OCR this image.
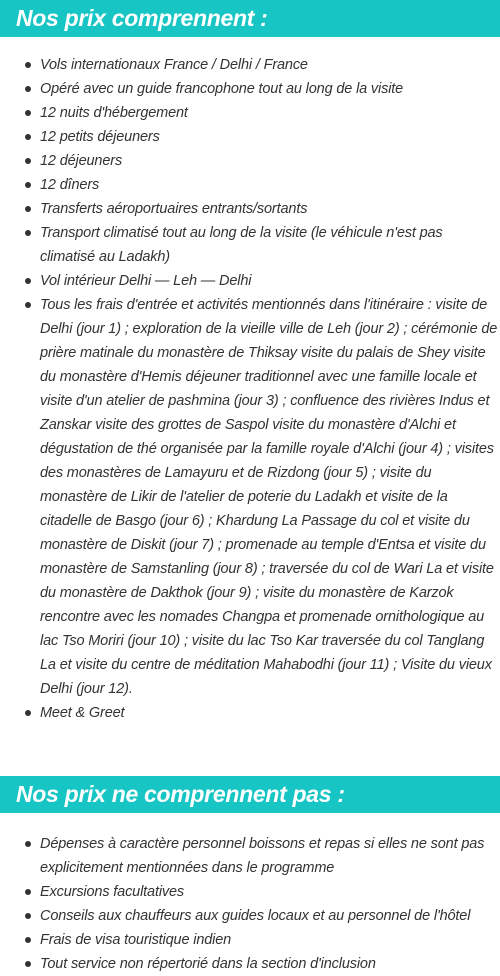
Nos prix comprennent :
Vols internationaux France / Delhi / France
Opéré avec un guide francophone tout au long de la visite
12 nuits d'hébergement
12 petits déjeuners
12 déjeuners
12 dîners
Transferts aéroportuaires entrants/sortants
Transport climatisé tout au long de la visite (le véhicule n'est pas climatisé au Ladakh)
Vol intérieur Delhi — Leh — Delhi
Tous les frais d'entrée et activités mentionnés dans l'itinéraire : visite de Delhi (jour 1) ; exploration de la vieille ville de Leh (jour 2) ; cérémonie de prière matinale du monastère de Thiksay visite du palais de Shey visite du monastère d'Hemis déjeuner traditionnel avec une famille locale et visite d'un atelier de pashmina (jour 3) ; confluence des rivières Indus et Zanskar visite des grottes de Saspol visite du monastère d'Alchi et dégustation de thé organisée par la famille royale d'Alchi (jour 4) ; visites des monastères de Lamayuru et de Rizdong (jour 5) ; visite du monastère de Likir de l'atelier de poterie du Ladakh et visite de la citadelle de Basgo (jour 6) ; Khardung La Passage du col et visite du monastère de Diskit (jour 7) ; promenade au temple d'Entsa et visite du monastère de Samstanling (jour 8) ; traversée du col de Wari La et visite du monastère de Dakthok (jour 9) ; visite du monastère de Karzok rencontre avec les nomades Changpa et promenade ornithologique au lac Tso Moriri (jour 10) ; visite du lac Tso Kar traversée du col Tanglang La et visite du centre de méditation Mahabodhi (jour 11) ; Visite du vieux Delhi (jour 12).
Meet & Greet
Nos prix ne comprennent pas :
Dépenses à caractère personnel boissons et repas si elles ne sont pas explicitement mentionnées dans le programme
Excursions facultatives
Conseils aux chauffeurs aux guides locaux et au personnel de l'hôtel
Frais de visa touristique indien
Tout service non répertorié dans la section d'inclusion
